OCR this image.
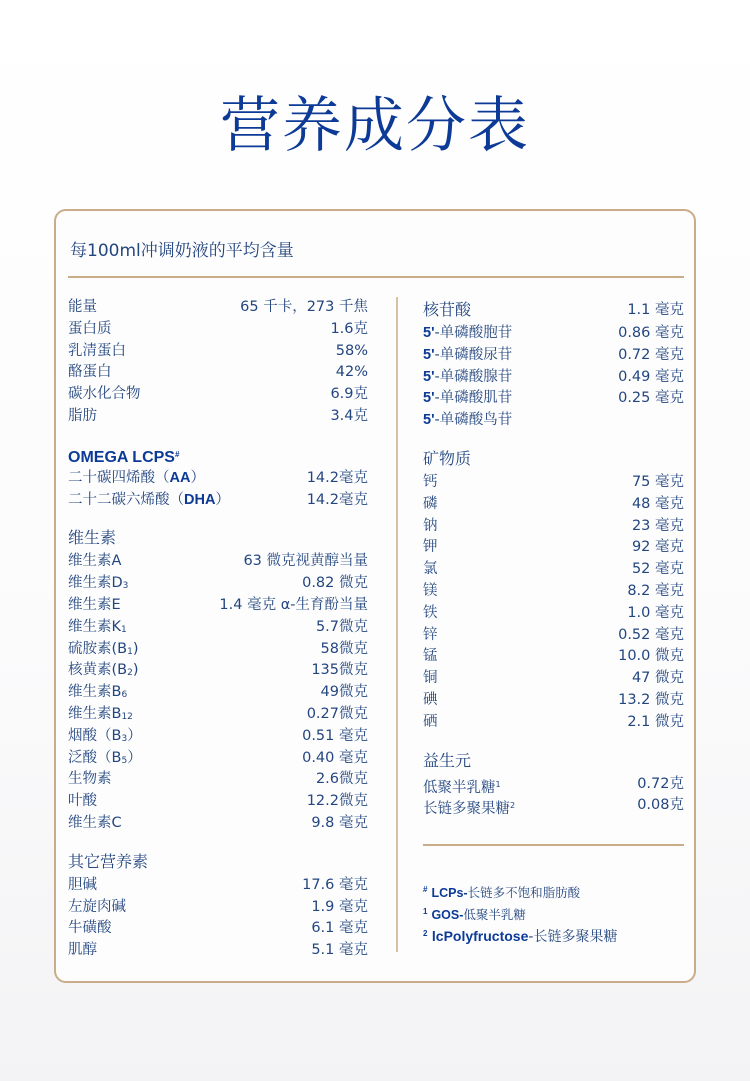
营养成分表
每100ml冲调奶液的平均含量
能量	65 千卡，273 千焦
蛋白质	1.6克
乳清蛋白	58%
酪蛋白	42%
碳水化合物	6.9克
脂肪	3.4克
OMEGA LCPS#
二十碳四烯酸（AA）	14.2毫克
二十二碳六烯酸（DHA）	14.2毫克
维生素
维生素A	63 微克视黄醇当量
维生素$D_3$	0.82 微克
维生素E	1.4 毫克 α-生育酚当量
维生素$K_1$	5.7微克
硫胺素$(B_1)$	58微克
核黄素$(B_2)$	135微克
维生素$B_6$	49微克
维生素$B_{12}$	0.27微克
烟酸$(B_3)$	0.51 毫克
泛酸$(B_5)$	0.40 毫克
生物素	2.6微克
叶酸	12.2微克
维生素C	9.8 毫克
其它营养素
胆碱	17.6 毫克
左旋肉碱	1.9 毫克
牛磺酸	6.1 毫克
肌醇	5.1 毫克
核苷酸	1.1 毫克
5'-单磷酸胞苷	0.86 毫克
5'-单磷酸尿苷	0.72 毫克
5'-单磷酸腺苷	0.49 毫克
5'-单磷酸肌苷	0.25 毫克
5'-单磷酸鸟苷
矿物质
钙	75 毫克
磷	48 毫克
钠	23 毫克
钾	92 毫克
氯	52 毫克
镁	8.2 毫克
铁	1.0 毫克
锌	0.52 毫克
锰	10.0 微克
铜	47 微克
碘	13.2 微克
硒	2.1 微克
益生元
低聚半乳糖$^1$	0.72克
长链多聚果糖$^2$	0.08克
# LCPs-长链多不饱和脂肪酸
$^1$ GOS-低聚半乳糖
$^2$ lcPolyfructose-长链多聚果糖
